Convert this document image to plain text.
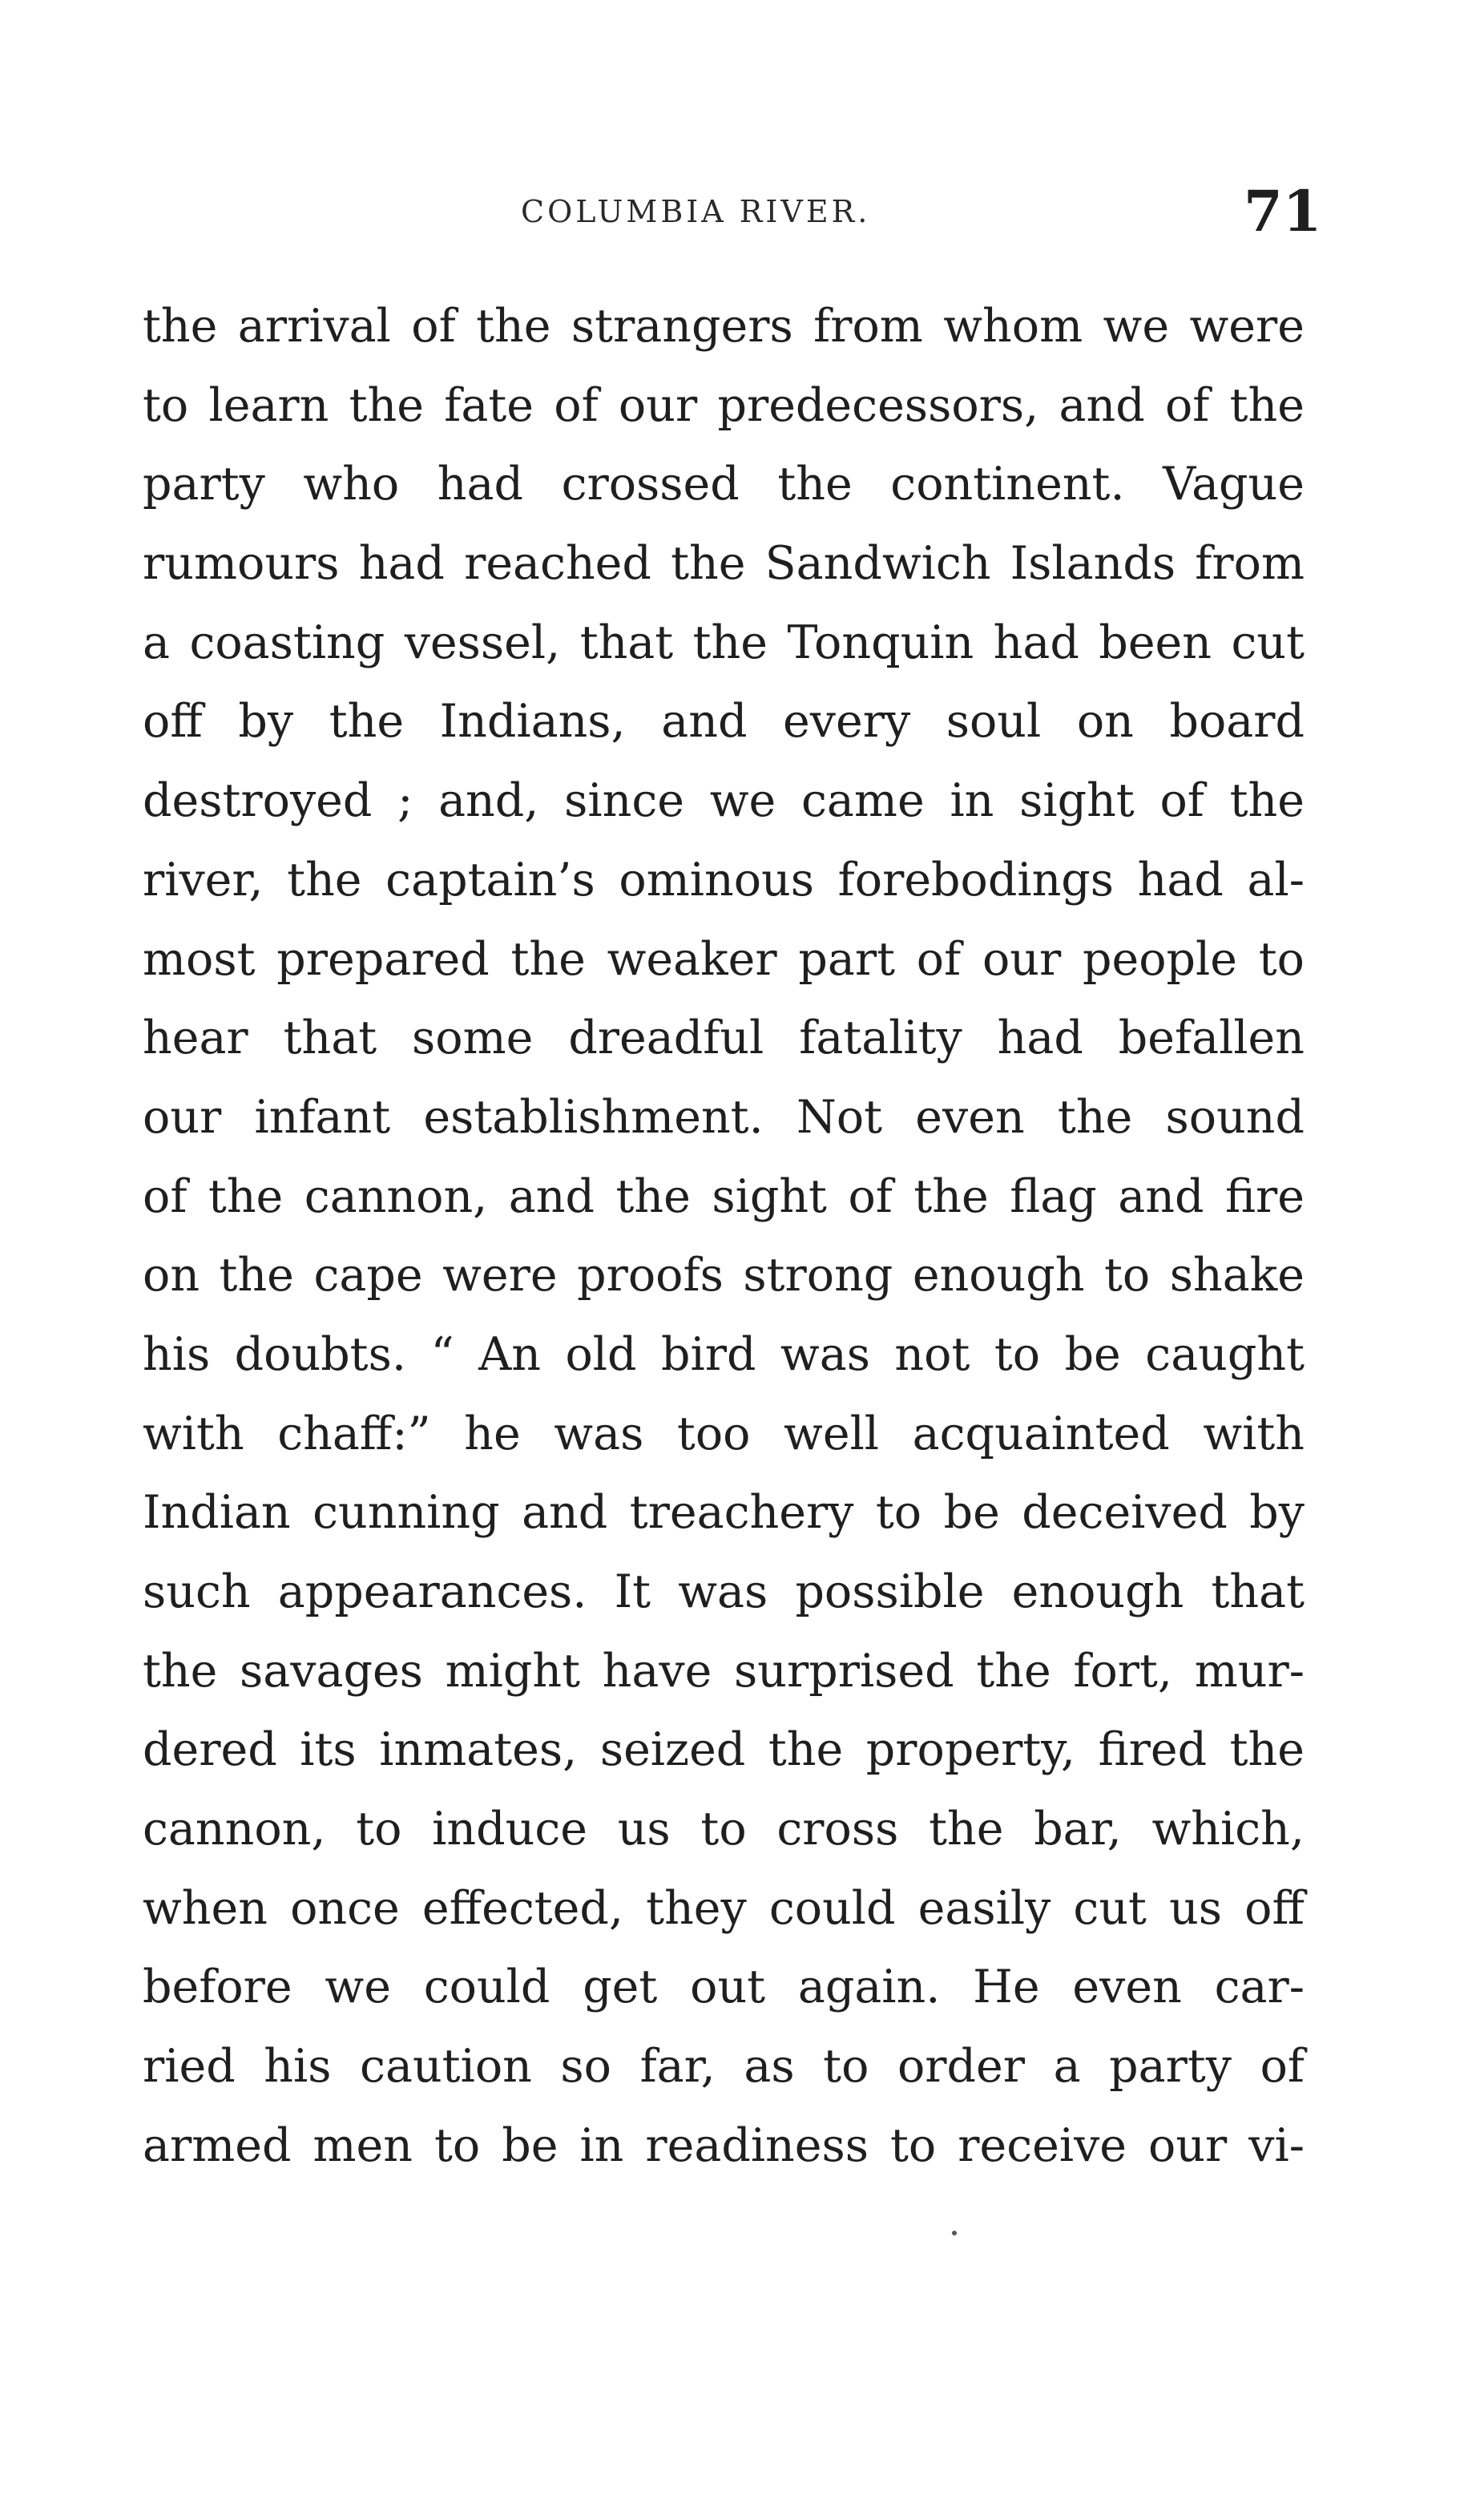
COLUMBIA RIVER.	71
the arrival of the strangers from whom we were
to learn the fate of our predecessors, and of the
party who had crossed the continent. Vague
rumours had reached the Sandwich Islands from
a coasting vessel, that the Tonquin had been cut
off by the Indians, and every soul on board
destroyed ; and, since we came in sight of the
river, the captain’s ominous forebodings had al-
most prepared the weaker part of our people to
hear that some dreadful fatality had befallen
our infant establishment. Not even the sound
of the cannon, and the sight of the flag and fire
on the cape were proofs strong enough to shake
his doubts. “ An old bird was not to be caught
with chaff:” he was too well acquainted with
Indian cunning and treachery to be deceived by
such appearances. It was possible enough that
the savages might have surprised the fort, mur-
dered its inmates, seized the property, fired the
cannon, to induce us to cross the bar, which,
when once effected, they could easily cut us off
before we could get out again. He even car-
ried his caution so far, as to order a party of
armed men to be in readiness to receive our vi-
